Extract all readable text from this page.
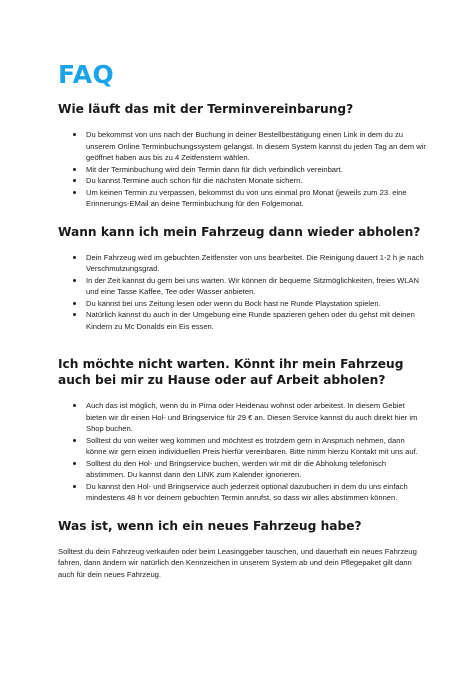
FAQ
Wie läuft das mit der Terminvereinbarung?
Du bekommst von uns nach der Buchung in deiner Bestellbestätigung einen Link in dem du zu unserem Online Terminbuchungssystem gelangst. In diesem System kannst du jeden Tag an dem wir geöffnet haben aus bis zu 4 Zeitfenstern wählen.
Mit der Terminbuchung wird dein Termin dann für dich verbindlich vereinbart.
Du kannst Termine auch schon für die nächsten Monate sichern.
Um keinen Termin zu verpassen, bekommst du von uns einmal pro Monat (jeweils zum 23. eine Erinnerungs-EMail an deine Terminbuchung für den Folgemonat.
Wann kann ich mein Fahrzeug dann wieder abholen?
Dein Fahrzeug wird im gebuchten Zeitfenster von uns bearbeitet. Die Reinigung dauert 1-2 h je nach Verschmutzungsgrad.
In der Zeit kannst du gern bei uns warten. Wir können dir bequeme Sitzmöglichkeiten, freies WLAN und eine Tasse Kaffee, Tee oder Wasser anbieten.
Du kannst bei uns Zeitung lesen oder wenn du Bock hast ne Runde Playstation spielen.
Natürlich kannst du auch in der Umgebung eine Runde spazieren gehen oder du gehst mit deinen Kindern zu Mc Donalds ein Eis essen.
Ich möchte nicht warten. Könnt ihr mein Fahrzeug auch bei mir zu Hause oder auf Arbeit abholen?
Auch das ist möglich, wenn du in Pirna oder Heidenau wohnst oder arbeitest. In diesem Gebiet bieten wir dir einen Hol- und Bringservice für 29 € an. Diesen Service kannst du auch direkt hier im Shop buchen.
Solltest du von weiter weg kommen und möchtest es trotzdem gern in Anspruch nehmen, dann könne wir gern einen individuellen Preis hierfür vereinbaren. Bitte nimm hierzu Kontakt mit uns auf.
Solltest du den Hol- und Bringservice buchen, werden wir mit dir die Abholung telefonisch abstimmen. Du kannst dann den LINK zum Kalender ignorieren.
Du kannst den Hol- und Bringservice auch jederzeit optional dazubuchen in dem du uns einfach mindestens 48 h vor deinem gebuchten Termin anrufst, so dass wir alles abstimmen können.
Was ist, wenn ich ein neues Fahrzeug habe?

Solltest du dein Fahrzeug verkaufen oder beim Leasinggeber tauschen, und dauerhaft ein neues Fahrzeug fahren, dann ändern wir natürlich den Kennzeichen in unserem System ab und dein Pflegepaket gilt dann auch für dein neues Fahrzeug.
